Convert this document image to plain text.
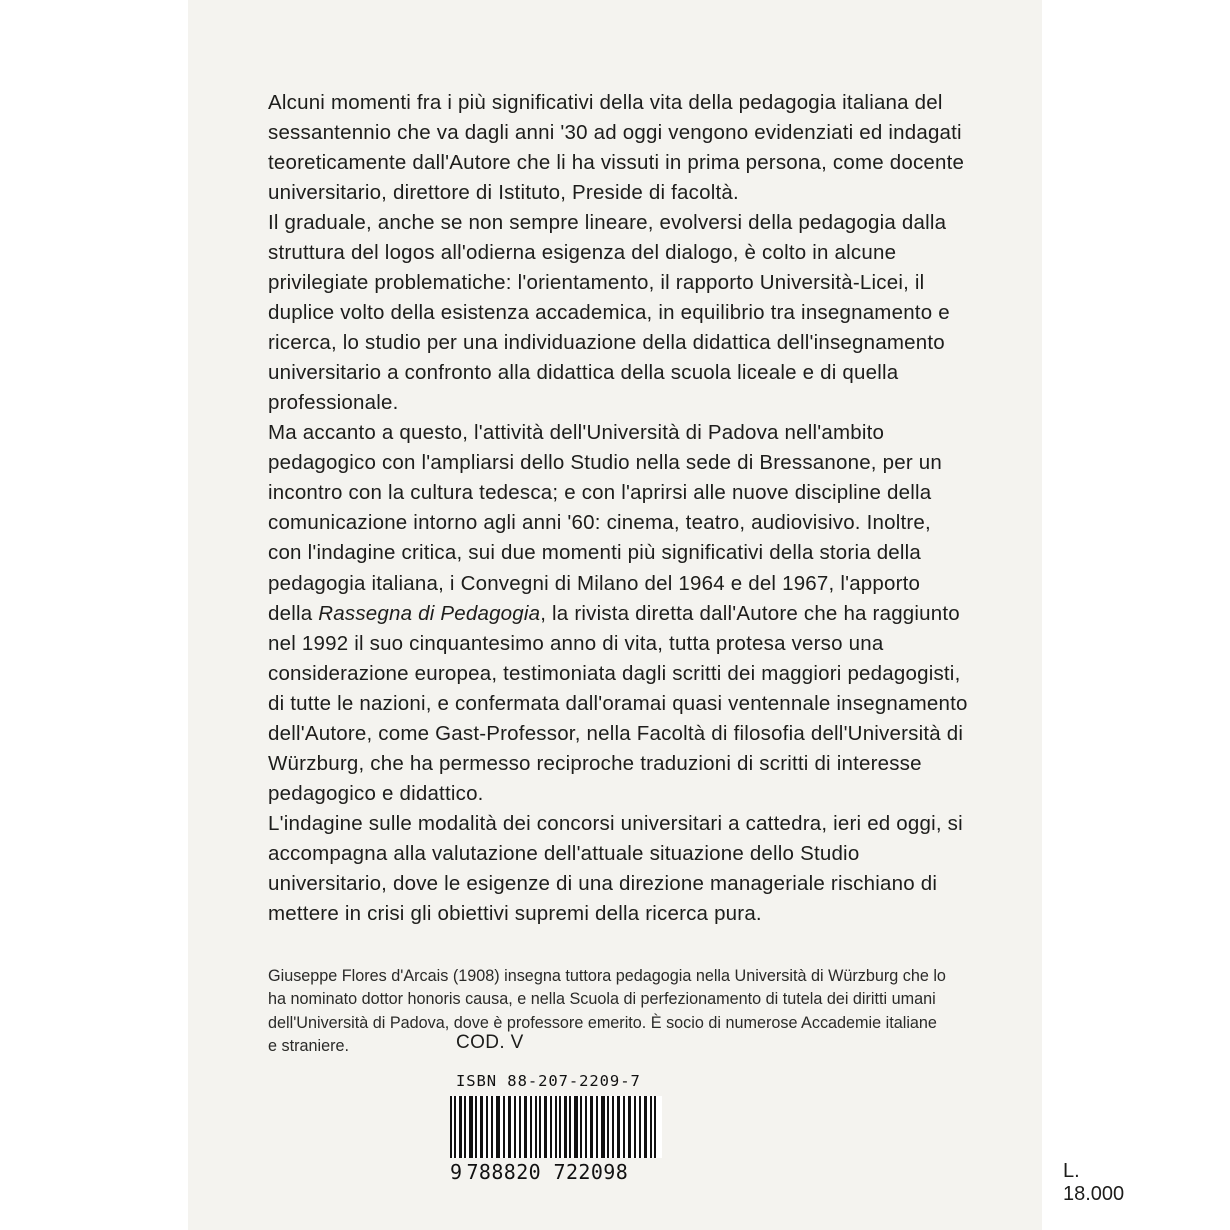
Alcuni momenti fra i più significativi della vita della pedagogia italiana del sessantennio che va dagli anni '30 ad oggi vengono evidenziati ed indagati teoreticamente dall'Autore che li ha vissuti in prima persona, come docente universitario, direttore di Istituto, Preside di facoltà.

Il graduale, anche se non sempre lineare, evolversi della pedagogia dalla struttura del logos all'odierna esigenza del dialogo, è colto in alcune privilegiate problematiche: l'orientamento, il rapporto Università-Licei, il duplice volto della esistenza accademica, in equilibrio tra insegnamento e ricerca, lo studio per una individuazione della didattica dell'insegnamento universitario a confronto alla didattica della scuola liceale e di quella professionale.

Ma accanto a questo, l'attività dell'Università di Padova nell'ambito pedagogico con l'ampliarsi dello Studio nella sede di Bressanone, per un incontro con la cultura tedesca; e con l'aprirsi alle nuove discipline della comunicazione intorno agli anni '60: cinema, teatro, audiovisivo. Inoltre, con l'indagine critica, sui due momenti più significativi della storia della pedagogia italiana, i Convegni di Milano del 1964 e del 1967, l'apporto della Rassegna di Pedagogia, la rivista diretta dall'Autore che ha raggiunto nel 1992 il suo cinquantesimo anno di vita, tutta protesa verso una considerazione europea, testimoniata dagli scritti dei maggiori pedagogisti, di tutte le nazioni, e confermata dall'oramai quasi ventennale insegnamento dell'Autore, come Gast-Professor, nella Facoltà di filosofia dell'Università di Würzburg, che ha permesso reciproche traduzioni di scritti di interesse pedagogico e didattico.

L'indagine sulle modalità dei concorsi universitari a cattedra, ieri ed oggi, si accompagna alla valutazione dell'attuale situazione dello Studio universitario, dove le esigenze di una direzione manageriale rischiano di mettere in crisi gli obiettivi supremi della ricerca pura.

Giuseppe Flores d'Arcais (1908) insegna tuttora pedagogia nella Università di Würzburg che lo ha nominato dottor honoris causa, e nella Scuola di perfezionamento di tutela dei diritti umani dell'Università di Padova, dove è professore emerito. È socio di numerose Accademie italiane e straniere.	COD. V
ISBN 88-207-2209-7
9 788820 722098	L. 18.000
